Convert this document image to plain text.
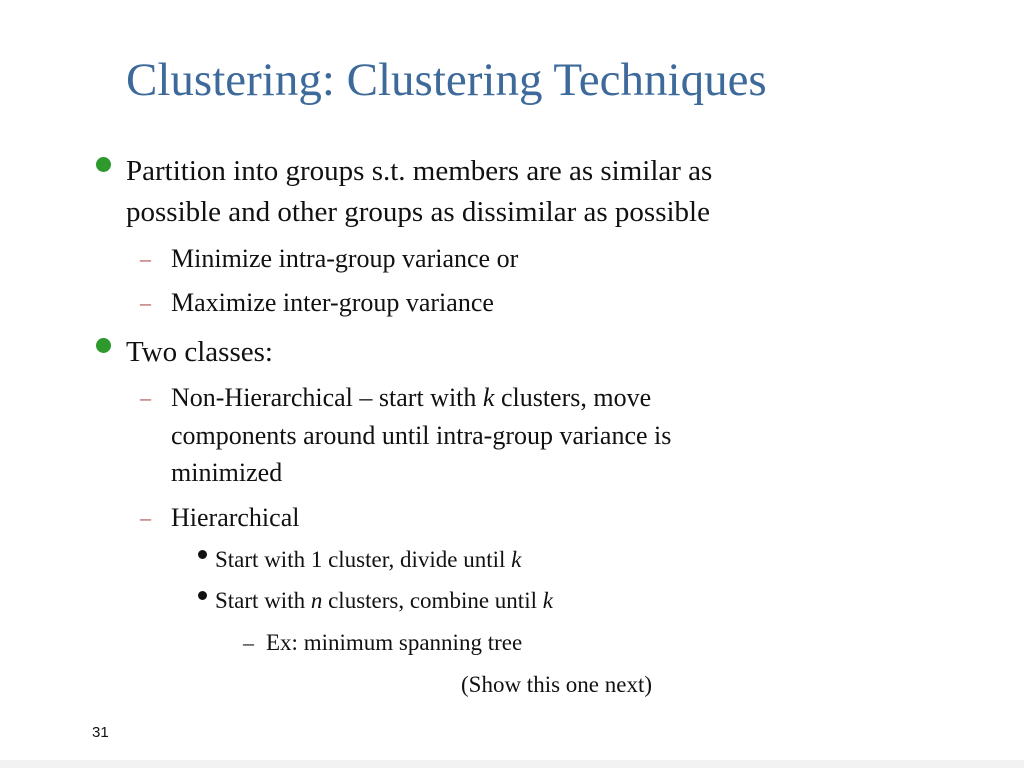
Clustering: Clustering Techniques
Partition into groups s.t. members are as similar as
possible and other groups as dissimilar as possible
– Minimize intra-group variance or
– Maximize inter-group variance
Two classes:
– Non-Hierarchical – start with k clusters, move
components around until intra-group variance is
minimized
– Hierarchical
Start with 1 cluster, divide until k
Start with n clusters, combine until k
– Ex: minimum spanning tree
(Show this one next)
31
